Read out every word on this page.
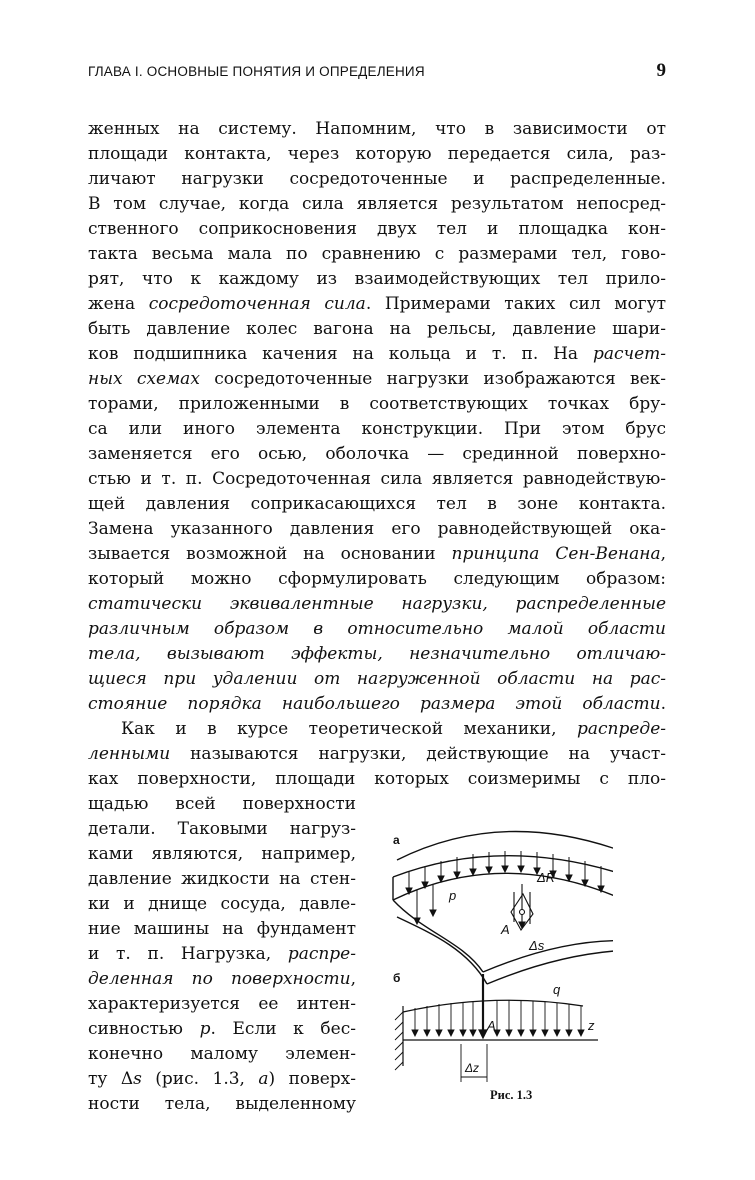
ГЛАВА I. ОСНОВНЫЕ ПОНЯТИЯ И ОПРЕДЕЛЕНИЯ	9
женных на систему. Напомним, что в зависимости от
площади контакта, через которую передается сила, раз-
личают нагрузки сосредоточенные и распределенные.
В том случае, когда сила является результатом непосред-
ственного соприкосновения двух тел и площадка кон-
такта весьма мала по сравнению с размерами тел, гово-
рят, что к каждому из взаимодействующих тел прило-
жена сосредоточенная сила. Примерами таких сил могут
быть давление колес вагона на рельсы, давление шари-
ков подшипника качения на кольца и т. п. На расчет-
ных схемах сосредоточенные нагрузки изображаются век-
торами, приложенными в соответствующих точках бру-
са или иного элемента конструкции. При этом брус
заменяется его осью, оболочка — срединной поверхно-
стью и т. п. Сосредоточенная сила является равнодействую-
щей давления соприкасающихся тел в зоне контакта.
Замена указанного давления его равнодействующей ока-
зывается возможной на основании принципа Сен-Венана,
который можно сформулировать следующим образом:
статически эквивалентные нагрузки, распределенные
различным образом в относительно малой области
тела, вызывают эффекты, незначительно отличаю-
щиеся при удалении от нагруженной области на рас-
стояние порядка наибольшего размера этой области.
Как и в курсе теоретической механики, распреде-
ленными называются нагрузки, действующие на участ-
ках поверхности, площади которых соизмеримы с пло-
щадью всей поверхности
детали. Таковыми нагруз-
ками являются, например,
давление жидкости на стен-
ки и днище сосуда, давле-
ние машины на фундамент
и т. п. Нагрузка, распре-
деленная по поверхности,
характеризуется ее интен-
сивностью p. Если к бес-
конечно малому элемен-
ту Δs (рис. 1.3, а) поверх-
ности тела, выделенному
а
p
ΔR
A
Δs
б
q
A	z
Δz
Рис. 1.3
